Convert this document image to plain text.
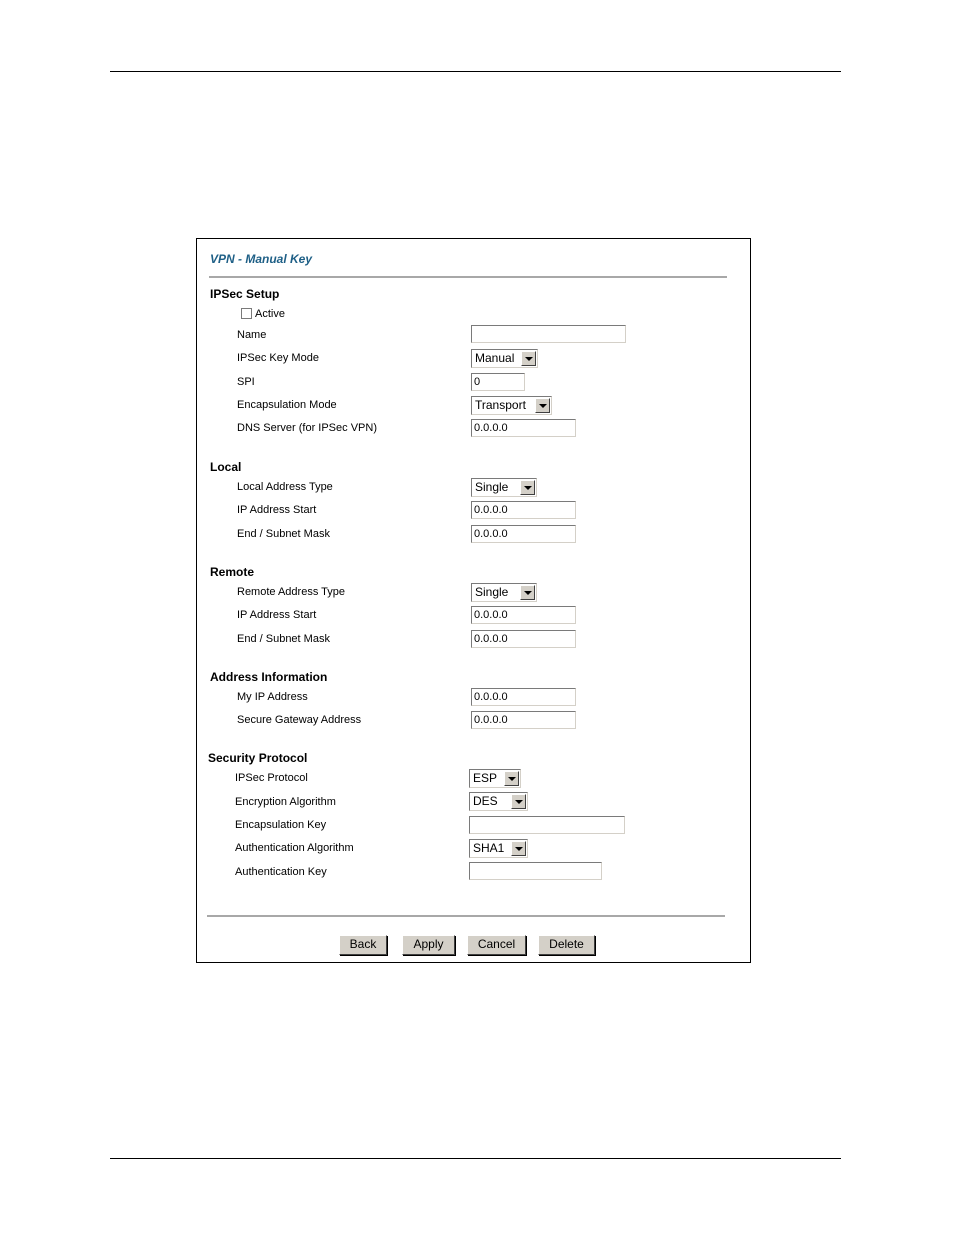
VPN - Manual Key
IPSec Setup
Active
Name
IPSec Key Mode	Manual
SPI	0
Encapsulation Mode	Transport
DNS Server (for IPSec VPN)	0.0.0.0
Local
Local Address Type	Single
IP Address Start	0.0.0.0
End / Subnet Mask	0.0.0.0
Remote
Remote Address Type	Single
IP Address Start	0.0.0.0
End / Subnet Mask	0.0.0.0
Address Information
My IP Address	0.0.0.0
Secure Gateway Address	0.0.0.0
Security Protocol
IPSec Protocol	ESP
Encryption Algorithm	DES
Encapsulation Key
Authentication Algorithm	SHA1
Authentication Key
Back	Apply	Cancel	Delete
